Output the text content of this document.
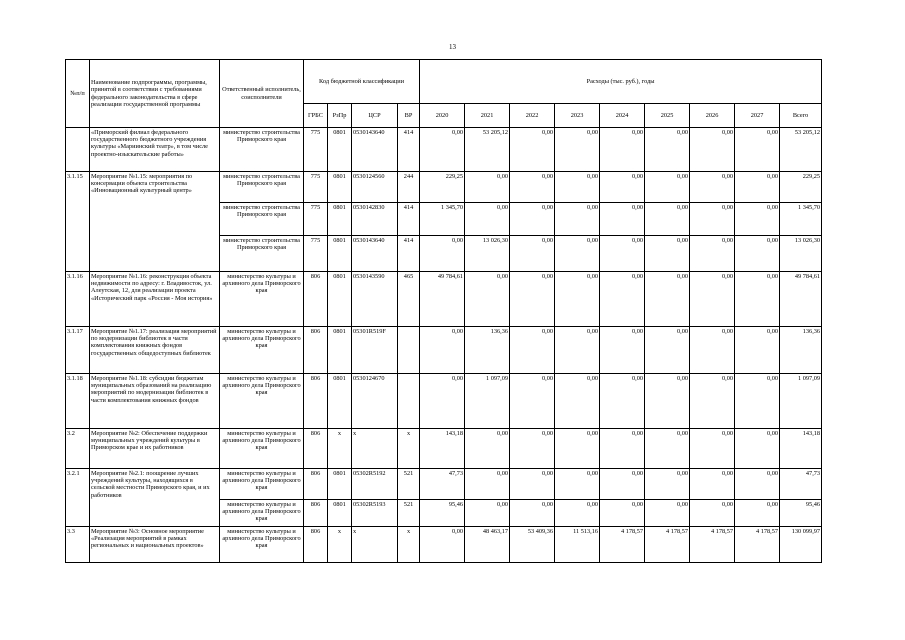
13
№п/п	Наименование подпрограммы, программы, принятой в соответствии с требованиями федерального законодательства в сфере реализации государственной программы	Ответственный исполнитель, соисполнители	Код бюджетной классификации				Расходы (тыс. руб.), годы								
			ГРБС	РзПр	ЦСР	ВР	2020	2021	2022	2023	2024	2025	2026	2027	Всего
	«Приморский филиал федерального государственного бюджетного учреждения культуры «Мариинский театр», в том числе проектно-изыскательские работы»	министерство строительства Приморского края	775	0801	0530143640	414	0,00	53 205,12	0,00	0,00	0,00	0,00	0,00	0,00	53 205,12
3.1.15	Мероприятие №1.15: мероприятия по консервации объекта строительства «Инновационный культурный центр»	министерство строительства Приморского края	775	0801	0530124560	244	229,25	0,00	0,00	0,00	0,00	0,00	0,00	0,00	229,25
		министерство строительства Приморского края	775	0801	0530142830	414	1 345,70	0,00	0,00	0,00	0,00	0,00	0,00	0,00	1 345,70
		министерство строительства Приморского края	775	0801	0530143640	414	0,00	13 026,30	0,00	0,00	0,00	0,00	0,00	0,00	13 026,30
3.1.16	Мероприятие №1.16: реконструкция объекта недвижимости по адресу: г. Владивосток, ул. Алеутская, 12, для реализации проекта «Исторический парк «Россия - Моя история»	министерство культуры и архивного дела Приморского края	806	0801	0530143590	465	49 784,61	0,00	0,00	0,00	0,00	0,00	0,00	0,00	49 784,61
3.1.17	Мероприятие №1.17: реализация мероприятий по модернизации библиотек в части комплектования книжных фондов государственных общедоступных библиотек	министерство культуры и архивного дела Приморского края	806	0801	05301R519F		0,00	136,36	0,00	0,00	0,00	0,00	0,00	0,00	136,36
3.1.18	Мероприятие №1.18: субсидии бюджетам муниципальных образований на реализацию мероприятий по модернизации библиотек в части комплектования книжных фондов	министерство культуры и архивного дела Приморского края	806	0801	0530124670		0,00	1 097,09	0,00	0,00	0,00	0,00	0,00	0,00	1 097,09
3.2	Мероприятие №2: Обеспечение поддержки муниципальных учреждений культуры в Приморском крае и их работников	министерство культуры и архивного дела Приморского края	806	x	x	x	143,18	0,00	0,00	0,00	0,00	0,00	0,00	0,00	143,18
3.2.1	Мероприятие №2.1: поощрение лучших учреждений культуры, находящихся в сельской местности Приморского края, и их работников	министерство культуры и архивного дела Приморского края	806	0801	05302R5192	521	47,73	0,00	0,00	0,00	0,00	0,00	0,00	0,00	47,73
		министерство культуры и архивного дела Приморского края	806	0801	05302R5193	521	95,46	0,00	0,00	0,00	0,00	0,00	0,00	0,00	95,46
3.3	Мероприятие №3: Основное мероприятие «Реализация мероприятий в рамках региональных и национальных проектов»	министерство культуры и архивного дела Приморского края	806	x	x	x	0,00	48 463,17	53 409,36	11 513,16	4 178,57	4 178,57	4 178,57	4 178,57	130 099,97
